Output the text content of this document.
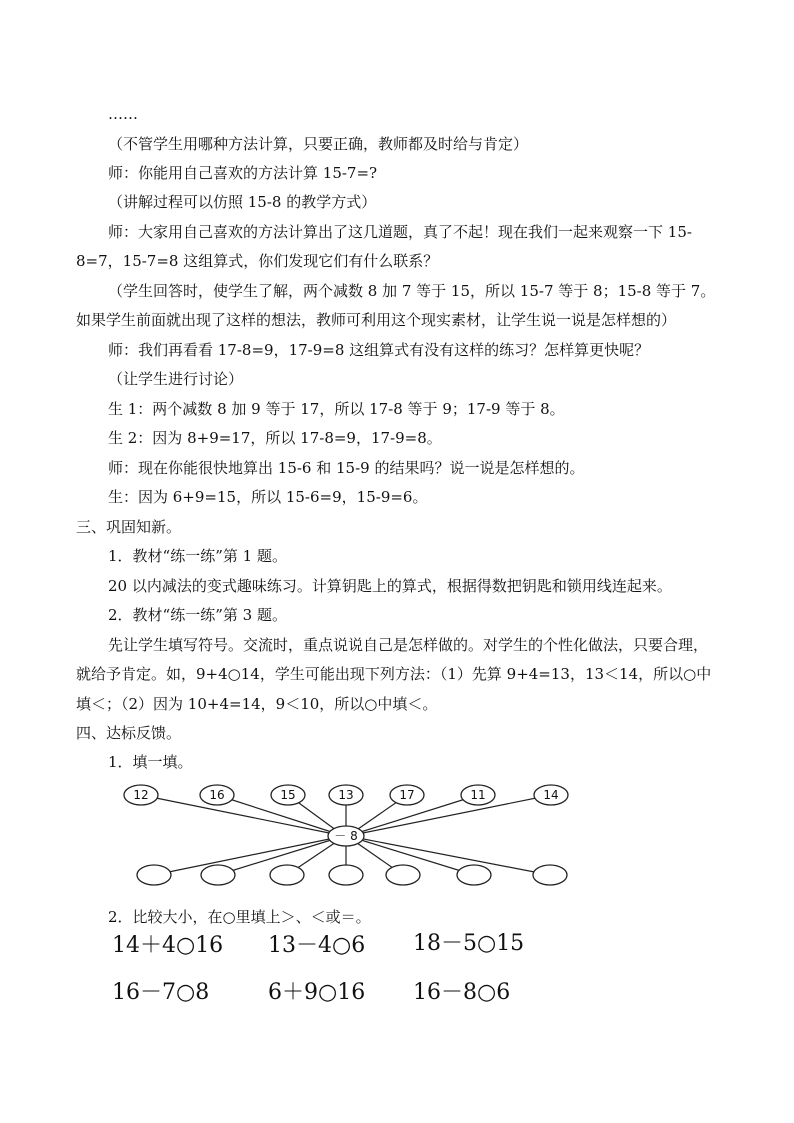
……
（不管学生用哪种方法计算，只要正确，教师都及时给与肯定）
师：你能用自己喜欢的方法计算 15-7=?
（讲解过程可以仿照 15-8 的教学方式）
师：大家用自己喜欢的方法计算出了这几道题，真了不起！现在我们一起来观察一下 15-
8=7，15-7=8 这组算式，你们发现它们有什么联系？
（学生回答时，使学生了解，两个减数 8 加 7 等于 15，所以 15-7 等于 8；15-8 等于 7。
如果学生前面就出现了这样的想法，教师可利用这个现实素材，让学生说一说是怎样想的）
师：我们再看看 17-8=9，17-9=8 这组算式有没有这样的练习？怎样算更快呢？
（让学生进行讨论）
生 1：两个减数 8 加 9 等于 17，所以 17-8 等于 9；17-9 等于 8。
生 2：因为 8+9=17，所以 17-8=9，17-9=8。
师：现在你能很快地算出 15-6 和 15-9 的结果吗？说一说是怎样想的。
生：因为 6+9=15，所以 15-6=9，15-9=6。
三、巩固知新。
1．教材“练一练”第 1 题。
20 以内减法的变式趣味练习。计算钥匙上的算式，根据得数把钥匙和锁用线连起来。
2．教材“练一练”第 3 题。
先让学生填写符号。交流时，重点说说自己是怎样做的。对学生的个性化做法，只要合理，
就给予肯定。如，9+4○14，学生可能出现下列方法：（1）先算 9+4=13，13＜14，所以○中
填＜；（2）因为 10+4=14，9＜10，所以○中填＜。
四、达标反馈。
1．填一填。
12	16	15	13	17	11	14
－ 8
2．比较大小，在○里填上＞、＜或＝。
14＋4○16 13－4○6 18－5○15
16－7○8	6＋9○16 16－8○6
